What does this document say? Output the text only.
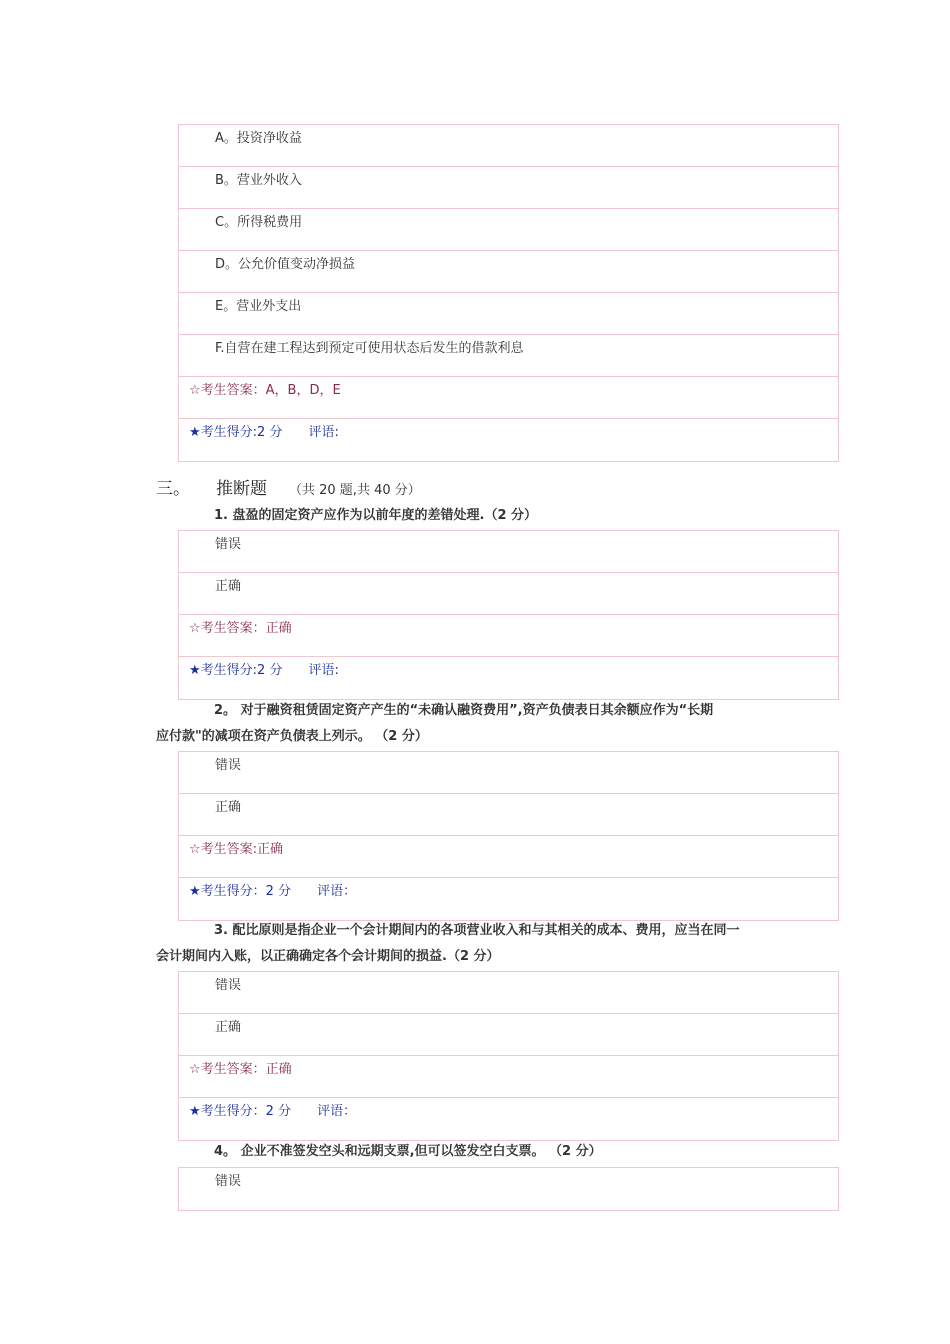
A。投资净收益
B。营业外收入
C。所得税费用
D。公允价值变动净损益
E。营业外支出
F.自营在建工程达到预定可使用状态后发生的借款利息
☆考生答案：A，B，D，E
★考生得分:2 分 评语:
三。 推断题 （共 20 题,共 40 分）
1. 盘盈的固定资产应作为以前年度的差错处理.（2 分）
错误
正确
☆考生答案：正确
★考生得分:2 分 评语:
2。 对于融资租赁固定资产产生的“未确认融资费用”,资产负债表日其余额应作为“长期
应付款"的减项在资产负债表上列示。 （2 分）
错误
正确
☆考生答案:正确
★考生得分：2 分 评语：
3. 配比原则是指企业一个会计期间内的各项营业收入和与其相关的成本、费用，应当在同一
会计期间内入账，以正确确定各个会计期间的损益.（2 分）
错误
正确
☆考生答案：正确
★考生得分：2 分 评语：
4。 企业不准签发空头和远期支票,但可以签发空白支票。 （2 分）
错误
